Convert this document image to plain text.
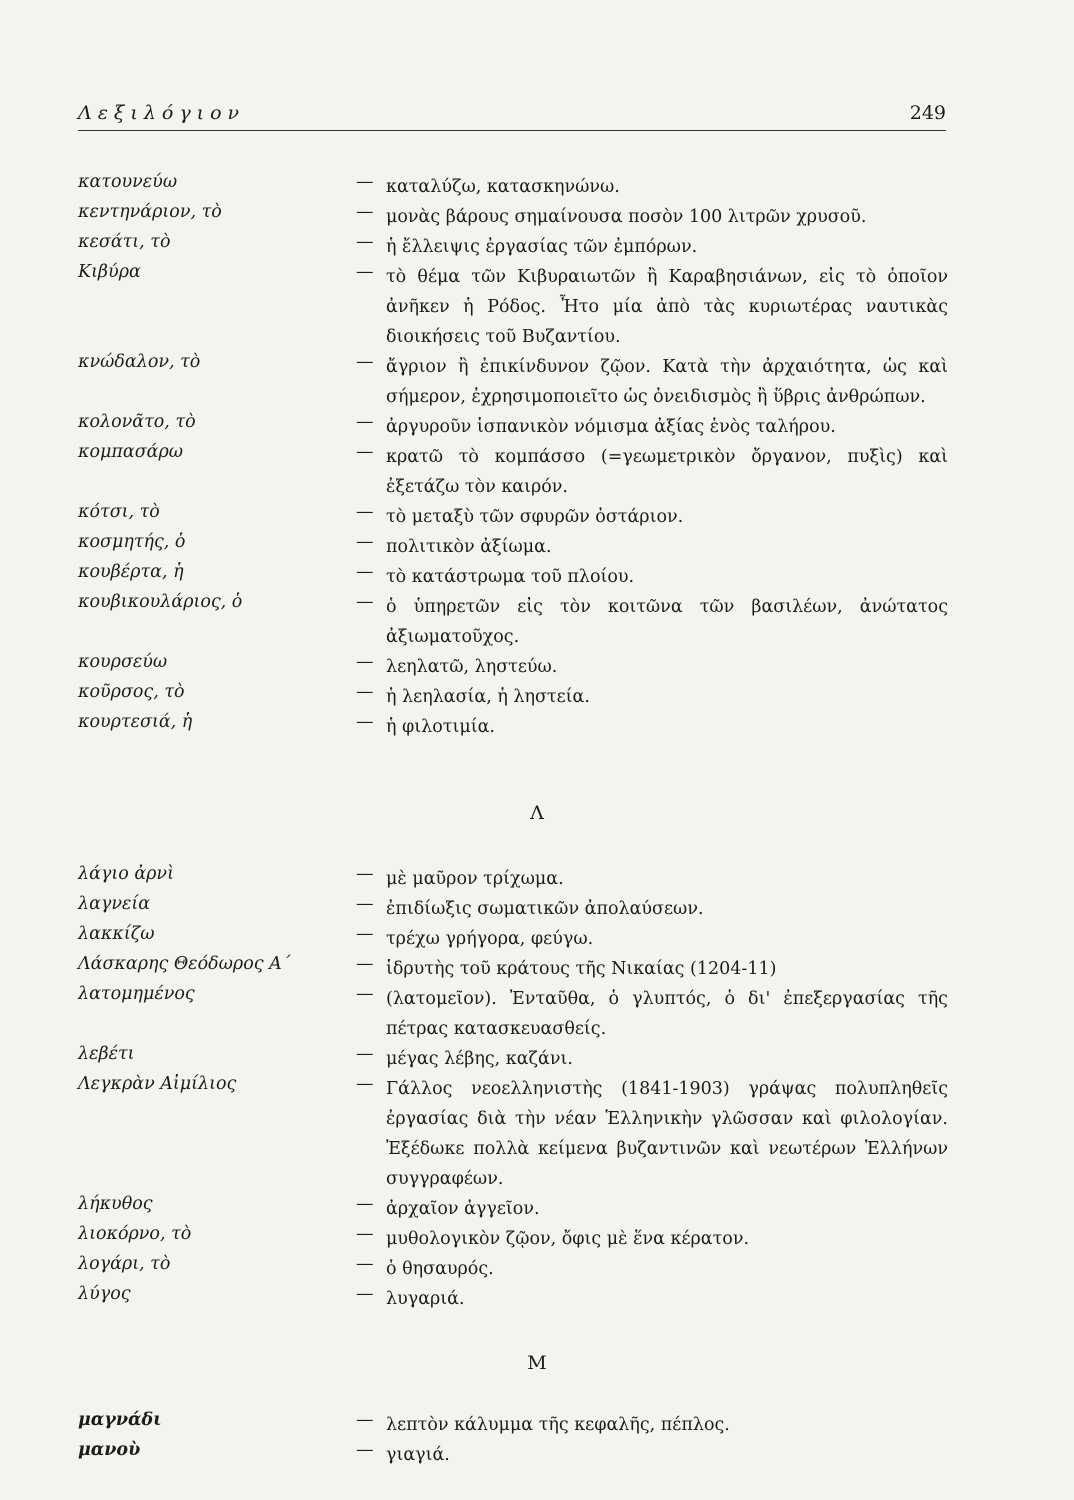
Λεξιλόγιον	249
κατουνεύω	— καταλύζω, κατασκηνώνω.
κεντηνάριον, τὸ	— μονὰς βάρους σημαίνουσα ποσὸν 100 λιτρῶν χρυσοῦ.
κεσάτι, τὸ	— ἡ ἔλλειψις ἐργασίας τῶν ἐμπόρων.
Κιβύρα	— τὸ θέμα τῶν Κιβυραιωτῶν ἢ Καραβησιάνων, εἰς τὸ ὁποῖον ἀνῆκεν ἡ Ρόδος. Ἦτο μία ἀπὸ τὰς κυριωτέρας ναυτικὰς διοικήσεις τοῦ Βυζαντίου.
κνώδαλον, τὸ	— ἄγριον ἢ ἐπικίνδυνον ζῷον. Κατὰ τὴν ἀρχαιότητα, ὡς καὶ σήμερον, ἐχρησιμοποιεῖτο ὡς ὀνειδισμὸς ἢ ὕβρις ἀνθρώπων.
κολονᾶτο, τὸ	— ἀργυροῦν ἱσπανικὸν νόμισμα ἀξίας ἑνὸς ταλήρου.
κομπασάρω	— κρατῶ τὸ κομπάσσο (=γεωμετρικὸν ὄργανον, πυξὶς) καὶ ἐξετάζω τὸν καιρόν.
κότσι, τὸ	— τὸ μεταξὺ τῶν σφυρῶν ὀστάριον.
κοσμητής, ὁ	— πολιτικὸν ἀξίωμα.
κουβέρτα, ἡ	— τὸ κατάστρωμα τοῦ πλοίου.
κουβικουλάριος, ὁ	— ὁ ὑπηρετῶν εἰς τὸν κοιτῶνα τῶν βασιλέων, ἀνώτατος ἀξιωματοῦχος.
κουρσεύω	— λεηλατῶ, ληστεύω.
κοῦρσος, τὸ	— ἡ λεηλασία, ἡ ληστεία.
κουρτεσιά, ἡ	— ἡ φιλοτιμία.
Λ
λάγιο ἀρνὶ	— μὲ μαῦρον τρίχωμα.
λαγνεία	— ἐπιδίωξις σωματικῶν ἀπολαύσεων.
λακκίζω	— τρέχω γρήγορα, φεύγω.
Λάσκαρης Θεόδωρος Α΄	— ἱδρυτὴς τοῦ κράτους τῆς Νικαίας (1204-11)
λατομημένος	— (λατομεῖον). Ἐνταῦθα, ὁ γλυπτός, ὁ δι' ἐπεξεργασίας τῆς πέτρας κατασκευασθείς.
λεβέτι	— μέγας λέβης, καζάνι.
Λεγκρὰν Αἰμίλιος	— Γάλλος νεοελληνιστὴς (1841-1903) γράψας πολυπληθεῖς ἐργασίας διὰ τὴν νέαν Ἑλληνικὴν γλῶσσαν καὶ φιλολογίαν. Ἐξέδωκε πολλὰ κείμενα βυζαντινῶν καὶ νεωτέρων Ἑλλήνων συγγραφέων.
λήκυθος	— ἀρχαῖον ἀγγεῖον.
λιοκόρνο, τὸ	— μυθολογικὸν ζῷον, ὄφις μὲ ἕνα κέρατον.
λογάρι, τὸ	— ὁ θησαυρός.
λύγος	— λυγαριά.
Μ
μαγνάδι	— λεπτὸν κάλυμμα τῆς κεφαλῆς, πέπλος.
μανοὺ	— γιαγιά.
